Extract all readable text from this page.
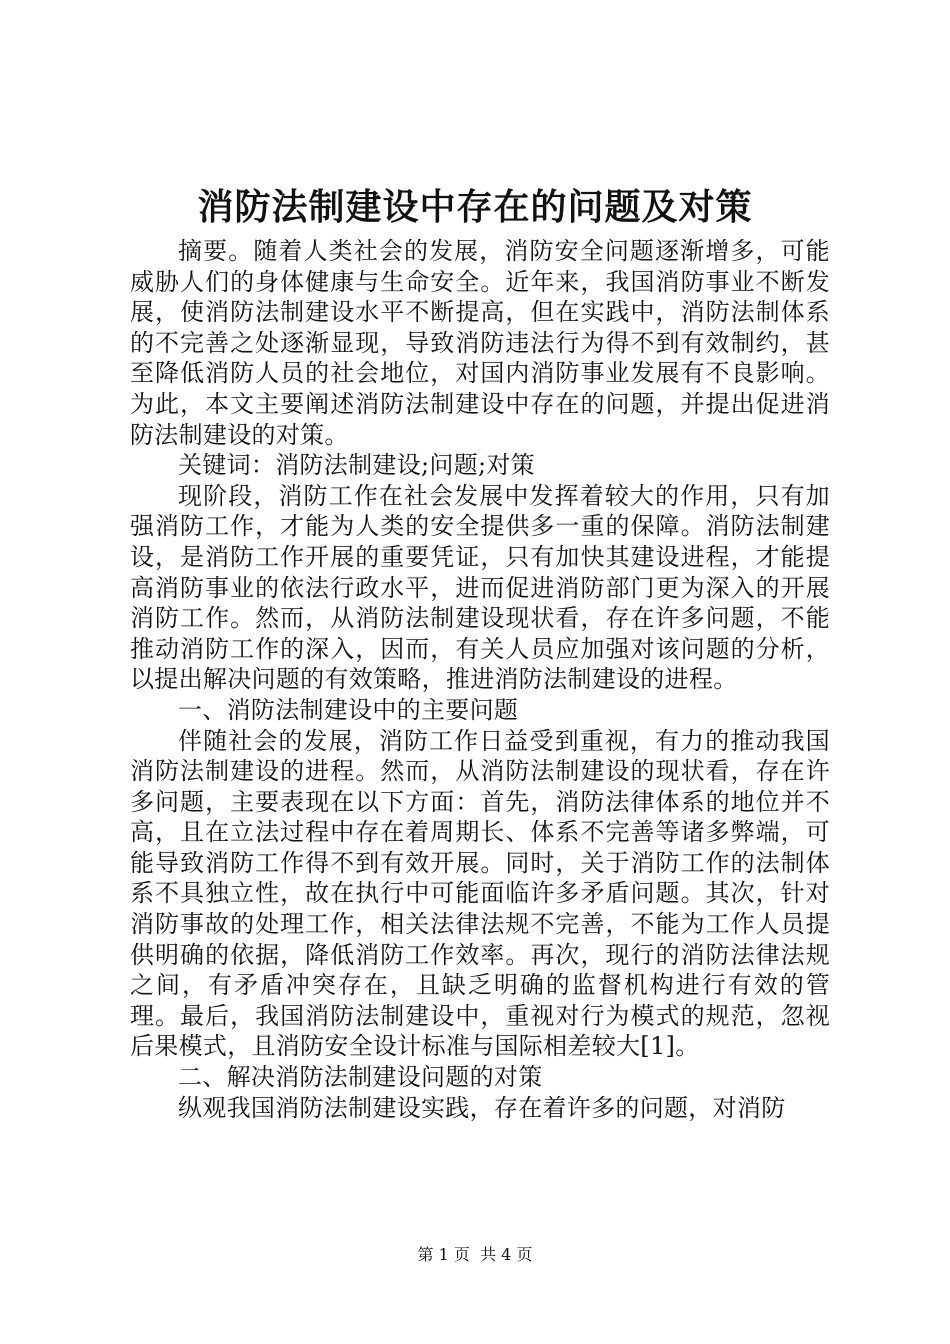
消防法制建设中存在的问题及对策

摘要。随着人类社会的发展，消防安全问题逐渐增多，可能威胁人们的身体健康与生命安全。近年来，我国消防事业不断发展，使消防法制建设水平不断提高，但在实践中，消防法制体系的不完善之处逐渐显现，导致消防违法行为得不到有效制约，甚至降低消防人员的社会地位，对国内消防事业发展有不良影响。为此，本文主要阐述消防法制建设中存在的问题，并提出促进消防法制建设的对策。

关键词：消防法制建设;问题;对策

现阶段，消防工作在社会发展中发挥着较大的作用，只有加强消防工作，才能为人类的安全提供多一重的保障。消防法制建设，是消防工作开展的重要凭证，只有加快其建设进程，才能提高消防事业的依法行政水平，进而促进消防部门更为深入的开展消防工作。然而，从消防法制建设现状看，存在许多问题，不能推动消防工作的深入，因而，有关人员应加强对该问题的分析，以提出解决问题的有效策略，推进消防法制建设的进程。

一、消防法制建设中的主要问题

伴随社会的发展，消防工作日益受到重视，有力的推动我国消防法制建设的进程。然而，从消防法制建设的现状看，存在许多问题，主要表现在以下方面：首先，消防法律体系的地位并不高，且在立法过程中存在着周期长、体系不完善等诸多弊端，可能导致消防工作得不到有效开展。同时，关于消防工作的法制体系不具独立性，故在执行中可能面临许多矛盾问题。其次，针对消防事故的处理工作，相关法律法规不完善，不能为工作人员提供明确的依据，降低消防工作效率。再次，现行的消防法律法规之间，有矛盾冲突存在，且缺乏明确的监督机构进行有效的管理。最后，我国消防法制建设中，重视对行为模式的规范，忽视后果模式，且消防安全设计标准与国际相差较大[1]。

二、解决消防法制建设问题的对策

纵观我国消防法制建设实践，存在着许多的问题，对消防

第 1 页 共 4 页
